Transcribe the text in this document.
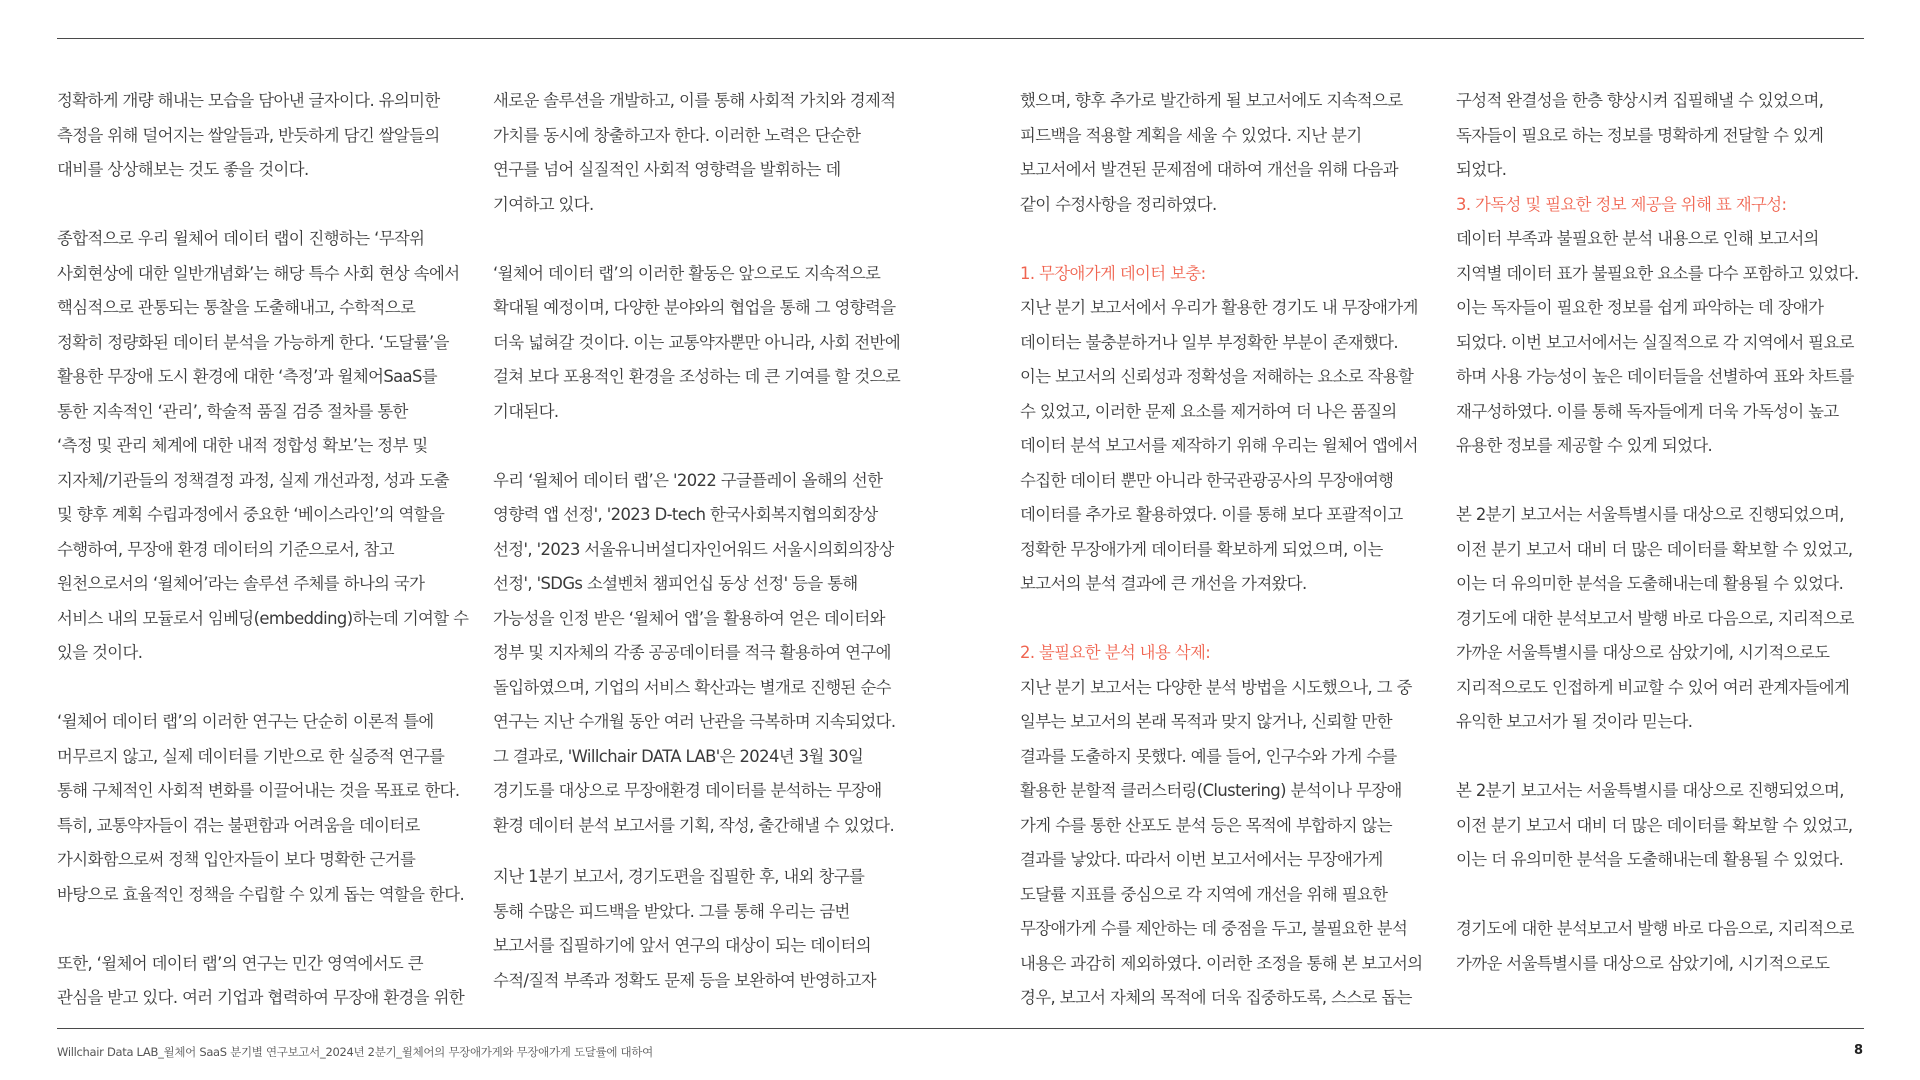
정확하게 개량 해내는 모습을 담아낸 글자이다. 유의미한
측정을 위해 덜어지는 쌀알들과, 반듯하게 담긴 쌀알들의
대비를 상상해보는 것도 좋을 것이다.
종합적으로 우리 윌체어 데이터 랩이 진행하는 ‘무작위
사회현상에 대한 일반개념화’는 해당 특수 사회 현상 속에서
핵심적으로 관통되는 통찰을 도출해내고, 수학적으로
정확히 정량화된 데이터 분석을 가능하게 한다. ‘도달률’을
활용한 무장애 도시 환경에 대한 ‘측정’과 윌체어SaaS를
통한 지속적인 ‘관리’, 학술적 품질 검증 절차를 통한
‘측정 및 관리 체계에 대한 내적 정합성 확보’는 정부 및
지자체/기관들의 정책결정 과정, 실제 개선과정, 성과 도출
및 향후 계획 수립과정에서 중요한 ‘베이스라인’의 역할을
수행하여, 무장애 환경 데이터의 기준으로서, 참고
원천으로서의 ‘윌체어’라는 솔루션 주체를 하나의 국가
서비스 내의 모듈로서 임베딩(embedding)하는데 기여할 수
있을 것이다.
‘윌체어 데이터 랩’의 이러한 연구는 단순히 이론적 틀에
머무르지 않고, 실제 데이터를 기반으로 한 실증적 연구를
통해 구체적인 사회적 변화를 이끌어내는 것을 목표로 한다.
특히, 교통약자들이 겪는 불편함과 어려움을 데이터로
가시화함으로써 정책 입안자들이 보다 명확한 근거를
바탕으로 효율적인 정책을 수립할 수 있게 돕는 역할을 한다.
또한, ‘윌체어 데이터 랩’의 연구는 민간 영역에서도 큰
관심을 받고 있다. 여러 기업과 협력하여 무장애 환경을 위한
새로운 솔루션을 개발하고, 이를 통해 사회적 가치와 경제적
가치를 동시에 창출하고자 한다. 이러한 노력은 단순한
연구를 넘어 실질적인 사회적 영향력을 발휘하는 데
기여하고 있다.
‘윌체어 데이터 랩’의 이러한 활동은 앞으로도 지속적으로
확대될 예정이며, 다양한 분야와의 협업을 통해 그 영향력을
더욱 넓혀갈 것이다. 이는 교통약자뿐만 아니라, 사회 전반에
걸쳐 보다 포용적인 환경을 조성하는 데 큰 기여를 할 것으로
기대된다.
우리 ‘윌체어 데이터 랩’은 '2022 구글플레이 올해의 선한
영향력 앱 선정', '2023 D-tech 한국사회복지협의회장상
선정', '2023 서울유니버설디자인어워드 서울시의회의장상
선정', 'SDGs 소셜벤처 챔피언십 동상 선정' 등을 통해
가능성을 인정 받은 ‘윌체어 앱’을 활용하여 얻은 데이터와
정부 및 지자체의 각종 공공데이터를 적극 활용하여 연구에
돌입하였으며, 기업의 서비스 확산과는 별개로 진행된 순수
연구는 지난 수개월 동안 여러 난관을 극복하며 지속되었다.
그 결과로, 'Willchair DATA LAB'은 2024년 3월 30일
경기도를 대상으로 무장애환경 데이터를 분석하는 무장애
환경 데이터 분석 보고서를 기획, 작성, 출간해낼 수 있었다.
지난 1분기 보고서, 경기도편을 집필한 후, 내외 창구를
통해 수많은 피드백을 받았다. 그를 통해 우리는 금번
보고서를 집필하기에 앞서 연구의 대상이 되는 데이터의
수적/질적 부족과 정확도 문제 등을 보완하여 반영하고자
했으며, 향후 추가로 발간하게 될 보고서에도 지속적으로
피드백을 적용할 계획을 세울 수 있었다. 지난 분기
보고서에서 발견된 문제점에 대하여 개선을 위해 다음과
같이 수정사항을 정리하였다.
1. 무장애가게 데이터 보충:
지난 분기 보고서에서 우리가 활용한 경기도 내 무장애가게
데이터는 불충분하거나 일부 부정확한 부분이 존재했다.
이는 보고서의 신뢰성과 정확성을 저해하는 요소로 작용할
수 있었고, 이러한 문제 요소를 제거하여 더 나은 품질의
데이터 분석 보고서를 제작하기 위해 우리는 윌체어 앱에서
수집한 데이터 뿐만 아니라 한국관광공사의 무장애여행
데이터를 추가로 활용하였다. 이를 통해 보다 포괄적이고
정확한 무장애가게 데이터를 확보하게 되었으며, 이는
보고서의 분석 결과에 큰 개선을 가져왔다.
2. 불필요한 분석 내용 삭제:
지난 분기 보고서는 다양한 분석 방법을 시도했으나, 그 중
일부는 보고서의 본래 목적과 맞지 않거나, 신뢰할 만한
결과를 도출하지 못했다. 예를 들어, 인구수와 가게 수를
활용한 분할적 클러스터링(Clustering) 분석이나 무장애
가게 수를 통한 산포도 분석 등은 목적에 부합하지 않는
결과를 낳았다. 따라서 이번 보고서에서는 무장애가게
도달률 지표를 중심으로 각 지역에 개선을 위해 필요한
무장애가게 수를 제안하는 데 중점을 두고, 불필요한 분석
내용은 과감히 제외하였다. 이러한 조정을 통해 본 보고서의
경우, 보고서 자체의 목적에 더욱 집중하도록, 스스로 돕는
구성적 완결성을 한층 향상시켜 집필해낼 수 있었으며,
독자들이 필요로 하는 정보를 명확하게 전달할 수 있게
되었다.
3. 가독성 및 필요한 정보 제공을 위해 표 재구성:
데이터 부족과 불필요한 분석 내용으로 인해 보고서의
지역별 데이터 표가 불필요한 요소를 다수 포함하고 있었다.
이는 독자들이 필요한 정보를 쉽게 파악하는 데 장애가
되었다. 이번 보고서에서는 실질적으로 각 지역에서 필요로
하며 사용 가능성이 높은 데이터들을 선별하여 표와 차트를
재구성하였다. 이를 통해 독자들에게 더욱 가독성이 높고
유용한 정보를 제공할 수 있게 되었다.
본 2분기 보고서는 서울특별시를 대상으로 진행되었으며,
이전 분기 보고서 대비 더 많은 데이터를 확보할 수 있었고,
이는 더 유의미한 분석을 도출해내는데 활용될 수 있었다.
경기도에 대한 분석보고서 발행 바로 다음으로, 지리적으로
가까운 서울특별시를 대상으로 삼았기에, 시기적으로도
지리적으로도 인접하게 비교할 수 있어 여러 관계자들에게
유익한 보고서가 될 것이라 믿는다.
본 2분기 보고서는 서울특별시를 대상으로 진행되었으며,
이전 분기 보고서 대비 더 많은 데이터를 확보할 수 있었고,
이는 더 유의미한 분석을 도출해내는데 활용될 수 있었다.
경기도에 대한 분석보고서 발행 바로 다음으로, 지리적으로
가까운 서울특별시를 대상으로 삼았기에, 시기적으로도
Willchair Data LAB_윌체어 SaaS 분기별 연구보고서_2024년 2분기_윌체어의 무장애가게와 무장애가게 도달률에 대하여	8
